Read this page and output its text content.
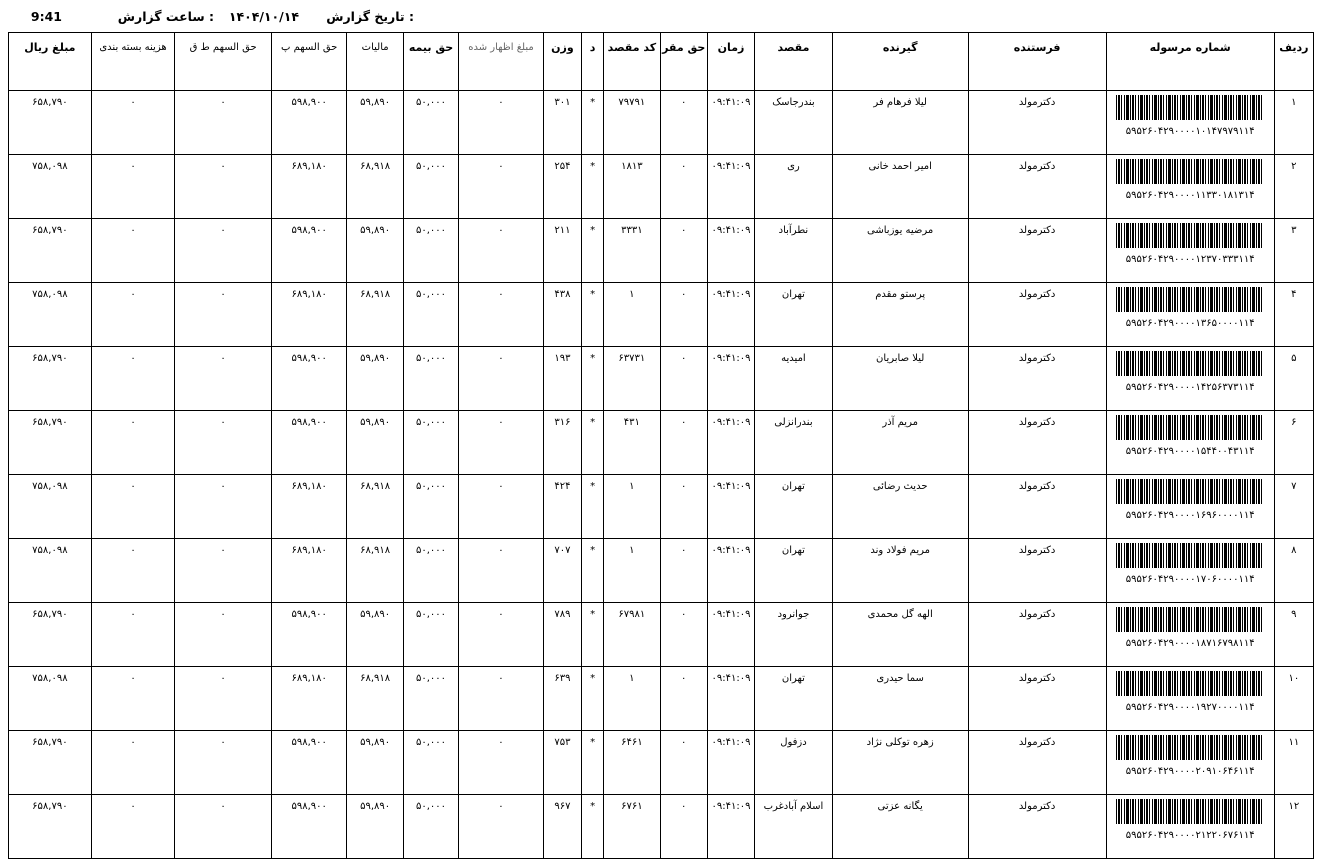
تاریخ گزارش :
۱۴۰۴/۱۰/۱۴
ساعت گزارش :
9:41
ردیف	شماره مرسوله	فرستنده	گیرنده	مقصد	زمان	حق مقر	کد مقصد	د	وزن	مبلغ اظهار شده	حق بیمه	مالیات	حق السهم پ	حق السهم ط ق	هزینه بسته بندی	مبلغ ریال
۱	۵۹۵۲۶۰۴۲۹۰۰۰۰۱۰۱۴۷۹۷۹۱۱۴	دکترمولد	لیلا فرهام فر	بندرجاسک	۰۹:۴۱:۰۹	۰	۷۹۷۹۱	*	۳۰۱	۰	۵۰,۰۰۰	۵۹,۸۹۰	۵۹۸,۹۰۰	۰	۰	۶۵۸,۷۹۰
۲	۵۹۵۲۶۰۴۲۹۰۰۰۰۱۱۳۳۰۱۸۱۳۱۴	دکترمولد	امیر احمد خانی	ری	۰۹:۴۱:۰۹	۰	۱۸۱۳	*	۲۵۴	۰	۵۰,۰۰۰	۶۸,۹۱۸	۶۸۹,۱۸۰	۰	۰	۷۵۸,۰۹۸
۳	۵۹۵۲۶۰۴۲۹۰۰۰۰۱۲۳۷۰۳۳۳۱۱۴	دکترمولد	مرضیه یوزباشی	نطرآباد	۰۹:۴۱:۰۹	۰	۳۳۳۱	*	۲۱۱	۰	۵۰,۰۰۰	۵۹,۸۹۰	۵۹۸,۹۰۰	۰	۰	۶۵۸,۷۹۰
۴	۵۹۵۲۶۰۴۲۹۰۰۰۰۱۳۶۵۰۰۰۰۱۱۴	دکترمولد	پرستو مقدم	تهران	۰۹:۴۱:۰۹	۰	۱	*	۴۳۸	۰	۵۰,۰۰۰	۶۸,۹۱۸	۶۸۹,۱۸۰	۰	۰	۷۵۸,۰۹۸
۵	۵۹۵۲۶۰۴۲۹۰۰۰۰۱۴۲۵۶۳۷۳۱۱۴	دکترمولد	لیلا صابریان	امیدیه	۰۹:۴۱:۰۹	۰	۶۳۷۳۱	*	۱۹۳	۰	۵۰,۰۰۰	۵۹,۸۹۰	۵۹۸,۹۰۰	۰	۰	۶۵۸,۷۹۰
۶	۵۹۵۲۶۰۴۲۹۰۰۰۰۱۵۴۴۰۰۴۳۱۱۴	دکترمولد	مریم آذر	بندرانزلی	۰۹:۴۱:۰۹	۰	۴۳۱	*	۳۱۶	۰	۵۰,۰۰۰	۵۹,۸۹۰	۵۹۸,۹۰۰	۰	۰	۶۵۸,۷۹۰
۷	۵۹۵۲۶۰۴۲۹۰۰۰۰۱۶۹۶۰۰۰۰۱۱۴	دکترمولد	حدیث رضائی	تهران	۰۹:۴۱:۰۹	۰	۱	*	۴۲۴	۰	۵۰,۰۰۰	۶۸,۹۱۸	۶۸۹,۱۸۰	۰	۰	۷۵۸,۰۹۸
۸	۵۹۵۲۶۰۴۲۹۰۰۰۰۱۷۰۶۰۰۰۰۱۱۴	دکترمولد	مریم فولاد وند	تهران	۰۹:۴۱:۰۹	۰	۱	*	۷۰۷	۰	۵۰,۰۰۰	۶۸,۹۱۸	۶۸۹,۱۸۰	۰	۰	۷۵۸,۰۹۸
۹	۵۹۵۲۶۰۴۲۹۰۰۰۰۱۸۷۱۶۷۹۸۱۱۴	دکترمولد	الهه گل محمدی	جوانرود	۰۹:۴۱:۰۹	۰	۶۷۹۸۱	*	۷۸۹	۰	۵۰,۰۰۰	۵۹,۸۹۰	۵۹۸,۹۰۰	۰	۰	۶۵۸,۷۹۰
۱۰	۵۹۵۲۶۰۴۲۹۰۰۰۰۱۹۲۷۰۰۰۰۱۱۴	دکترمولد	سما حیدری	تهران	۰۹:۴۱:۰۹	۰	۱	*	۶۳۹	۰	۵۰,۰۰۰	۶۸,۹۱۸	۶۸۹,۱۸۰	۰	۰	۷۵۸,۰۹۸
۱۱	۵۹۵۲۶۰۴۲۹۰۰۰۰۲۰۹۱۰۶۴۶۱۱۴	دکترمولد	زهره توکلی نژاد	دزفول	۰۹:۴۱:۰۹	۰	۶۴۶۱	*	۷۵۳	۰	۵۰,۰۰۰	۵۹,۸۹۰	۵۹۸,۹۰۰	۰	۰	۶۵۸,۷۹۰
۱۲	۵۹۵۲۶۰۴۲۹۰۰۰۰۲۱۲۲۰۶۷۶۱۱۴	دکترمولد	یگانه عزتی	اسلام آبادغرب	۰۹:۴۱:۰۹	۰	۶۷۶۱	*	۹۶۷	۰	۵۰,۰۰۰	۵۹,۸۹۰	۵۹۸,۹۰۰	۰	۰	۶۵۸,۷۹۰
